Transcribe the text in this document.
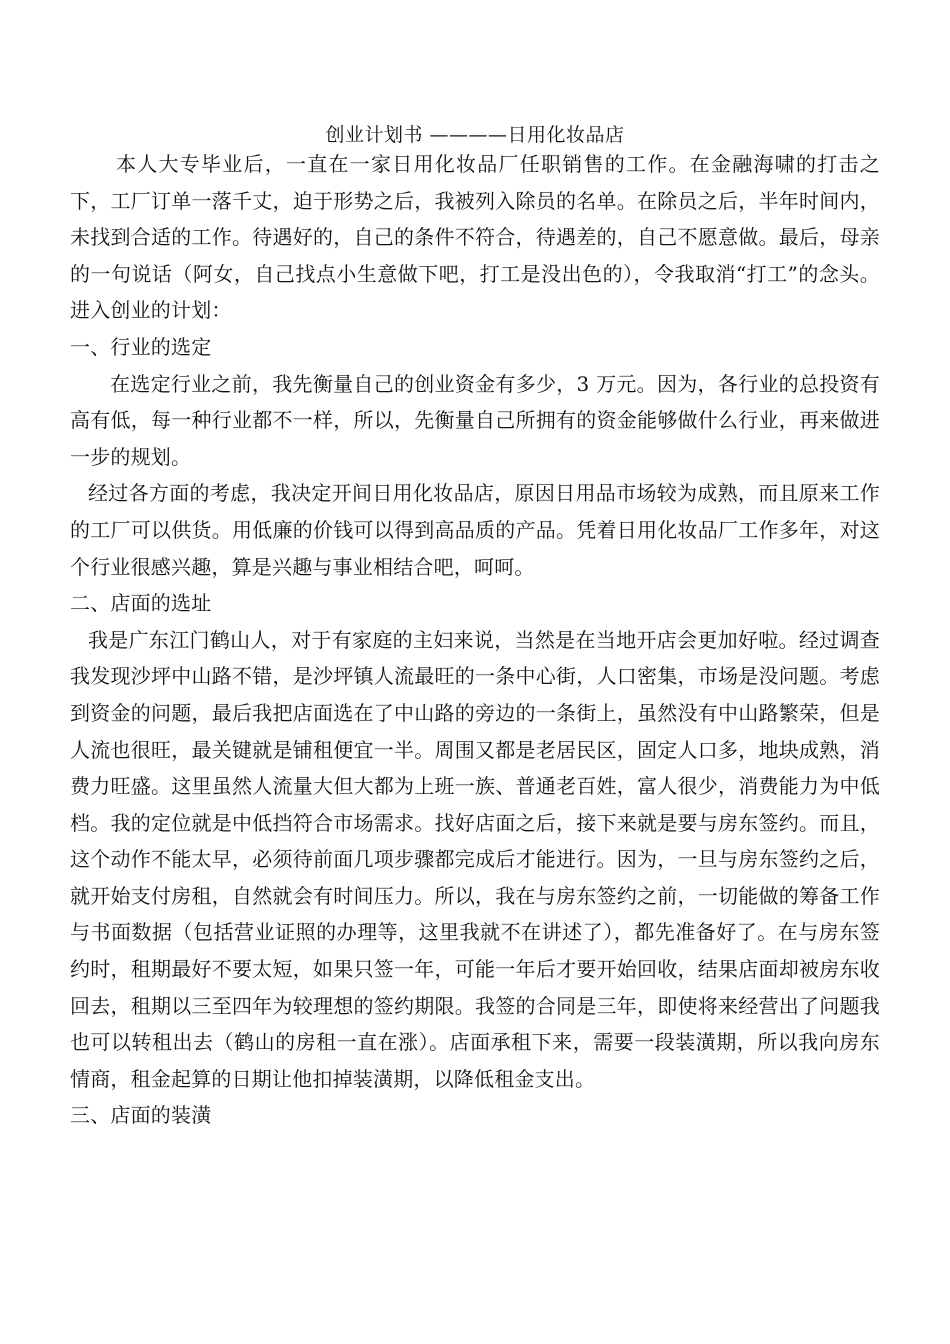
创业计划书 ————日用化妆品店

本人大专毕业后，一直在一家日用化妆品厂任职销售的工作。在金融海啸的打击之下，工厂订单一落千丈，迫于形势之后，我被列入除员的名单。在除员之后，半年时间内，未找到合适的工作。待遇好的，自己的条件不符合，待遇差的，自己不愿意做。最后，母亲的一句说话（阿女，自己找点小生意做下吧，打工是没出色的），令我取消“打工”的念头。进入创业的计划：

一、行业的选定

在选定行业之前，我先衡量自己的创业资金有多少，3 万元。因为，各行业的总投资有高有低，每一种行业都不一样，所以，先衡量自己所拥有的资金能够做什么行业，再来做进一步的规划。

经过各方面的考虑，我决定开间日用化妆品店，原因日用品市场较为成熟，而且原来工作的工厂可以供货。用低廉的价钱可以得到高品质的产品。凭着日用化妆品厂工作多年，对这个行业很感兴趣，算是兴趣与事业相结合吧，呵呵。

二、店面的选址

我是广东江门鹤山人，对于有家庭的主妇来说，当然是在当地开店会更加好啦。经过调查我发现沙坪中山路不错，是沙坪镇人流最旺的一条中心街，人口密集，市场是没问题。考虑到资金的问题，最后我把店面选在了中山路的旁边的一条街上，虽然没有中山路繁荣，但是人流也很旺，最关键就是铺租便宜一半。周围又都是老居民区，固定人口多，地块成熟，消费力旺盛。这里虽然人流量大但大都为上班一族、普通老百姓，富人很少，消费能力为中低档。我的定位就是中低挡符合市场需求。找好店面之后，接下来就是要与房东签约。而且，这个动作不能太早，必须待前面几项步骤都完成后才能进行。因为，一旦与房东签约之后，就开始支付房租，自然就会有时间压力。所以，我在与房东签约之前，一切能做的筹备工作与书面数据（包括营业证照的办理等，这里我就不在讲述了），都先准备好了。在与房东签约时，租期最好不要太短，如果只签一年，可能一年后才要开始回收，结果店面却被房东收回去，租期以三至四年为较理想的签约期限。我签的合同是三年，即使将来经营出了问题我也可以转租出去（鹤山的房租一直在涨）。店面承租下来，需要一段装潢期，所以我向房东情商，租金起算的日期让他扣掉装潢期，以降低租金支出。

三、店面的装潢
